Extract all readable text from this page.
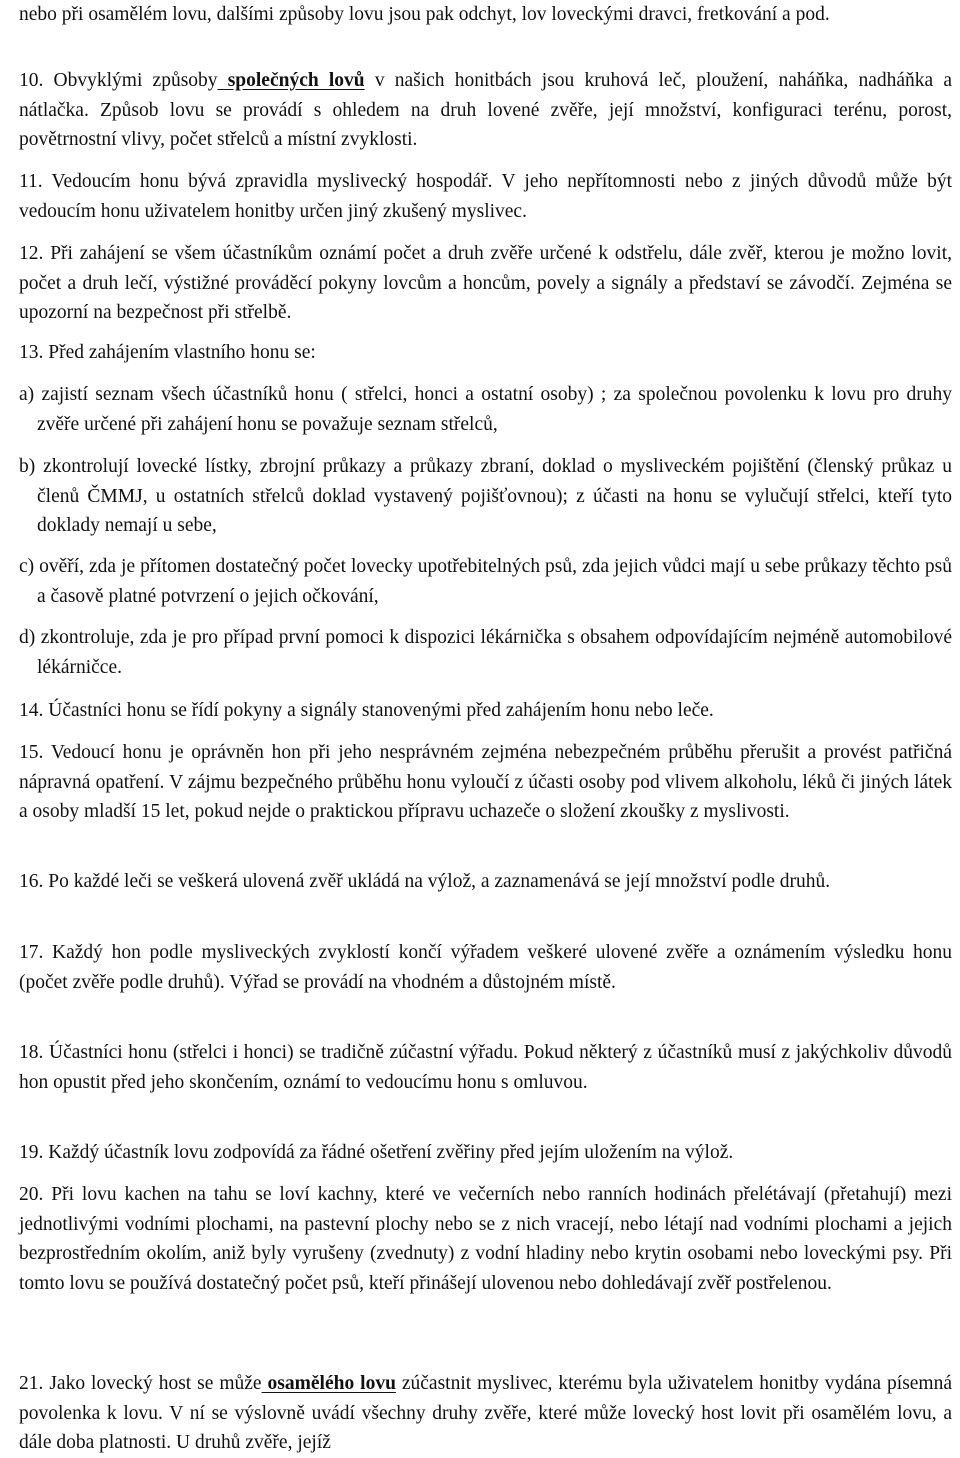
nebo při osamělém lovu, dalšími způsoby lovu jsou pak odchyt, lov loveckými dravci, fretkování a pod.
10. Obvyklými způsoby společných lovů v našich honitbách jsou kruhová leč, ploužení, naháňka, nadháňka a nátlačka. Způsob lovu se provádí s ohledem na druh lovené zvěře, její množství, konfiguraci terénu, porost, povětrnostní vlivy, počet střelců a místní zvyklosti.
11. Vedoucím honu bývá zpravidla myslivecký hospodář. V jeho nepřítomnosti nebo z jiných důvodů může být vedoucím honu uživatelem honitby určen jiný zkušený myslivec.
12. Při zahájení se všem účastníkům oznámí počet a druh zvěře určené k odstřelu, dále zvěř, kterou je možno lovit, počet a druh lečí, výstižné prováděcí pokyny lovcům a honcům, povely a signály a představí se závodčí. Zejména se upozorní na bezpečnost při střelbě.
13. Před zahájením vlastního honu se:
a) zajistí seznam všech účastníků honu ( střelci, honci a ostatní osoby) ; za společnou povolenku k lovu pro druhy zvěře určené při zahájení honu se považuje seznam střelců,
b) zkontrolují lovecké lístky, zbrojní průkazy a průkazy zbraní, doklad o mysliveckém pojištění (členský průkaz u členů ČMMJ, u ostatních střelců doklad vystavený pojišťovnou); z účasti na honu se vylučují střelci, kteří tyto doklady nemají u sebe,
c) ověří, zda je přítomen dostatečný počet lovecky upotřebitelných psů, zda jejich vůdci mají u sebe průkazy těchto psů a časově platné potvrzení o jejich očkování,
d) zkontroluje, zda je pro případ první pomoci k dispozici lékárnička s obsahem odpovídajícím nejméně automobilové lékárničce.
14. Účastníci honu se řídí pokyny a signály stanovenými před zahájením honu nebo leče.
15. Vedoucí honu je oprávněn hon při jeho nesprávném zejména nebezpečném průběhu přerušit a provést patřičná nápravná opatření. V zájmu bezpečného průběhu honu vyloučí z účasti osoby pod vlivem alkoholu, léků či jiných látek a osoby mladší 15 let, pokud nejde o praktickou přípravu uchazeče o složení zkoušky z myslivosti.
16. Po každé leči se veškerá ulovená zvěř ukládá na výlož, a zaznamenává se její množství podle druhů.
17. Každý hon podle mysliveckých zvyklostí končí výřadem veškeré ulovené zvěře a oznámením výsledku honu (počet zvěře podle druhů). Výřad se provádí na vhodném a důstojném místě.
18. Účastníci honu (střelci i honci) se tradičně zúčastní výřadu. Pokud některý z účastníků musí z jakýchkoliv důvodů hon opustit před jeho skončením, oznámí to vedoucímu honu s omluvou.
19. Každý účastník lovu zodpovídá za řádné ošetření zvěřiny před jejím uložením na výlož.
20. Při lovu kachen na tahu se loví kachny, které ve večerních nebo ranních hodinách přelétávají (přetahují) mezi jednotlivými vodními plochami, na pastevní plochy nebo se z nich vracejí, nebo létají nad vodními plochami a jejich bezprostředním okolím, aniž byly vyrušeny (zvednuty) z vodní hladiny nebo krytin osobami nebo loveckými psy. Při tomto lovu se používá dostatečný počet psů, kteří přinášejí ulovenou nebo dohledávají zvěř postřelenou.
21. Jako lovecký host se může osamělého lovu zúčastnit myslivec, kterému byla uživatelem honitby vydána písemná povolenka k lovu. V ní se výslovně uvádí všechny druhy zvěře, které může lovecký host lovit při osamělém lovu, a dále doba platnosti. U druhů zvěře, jejíž
